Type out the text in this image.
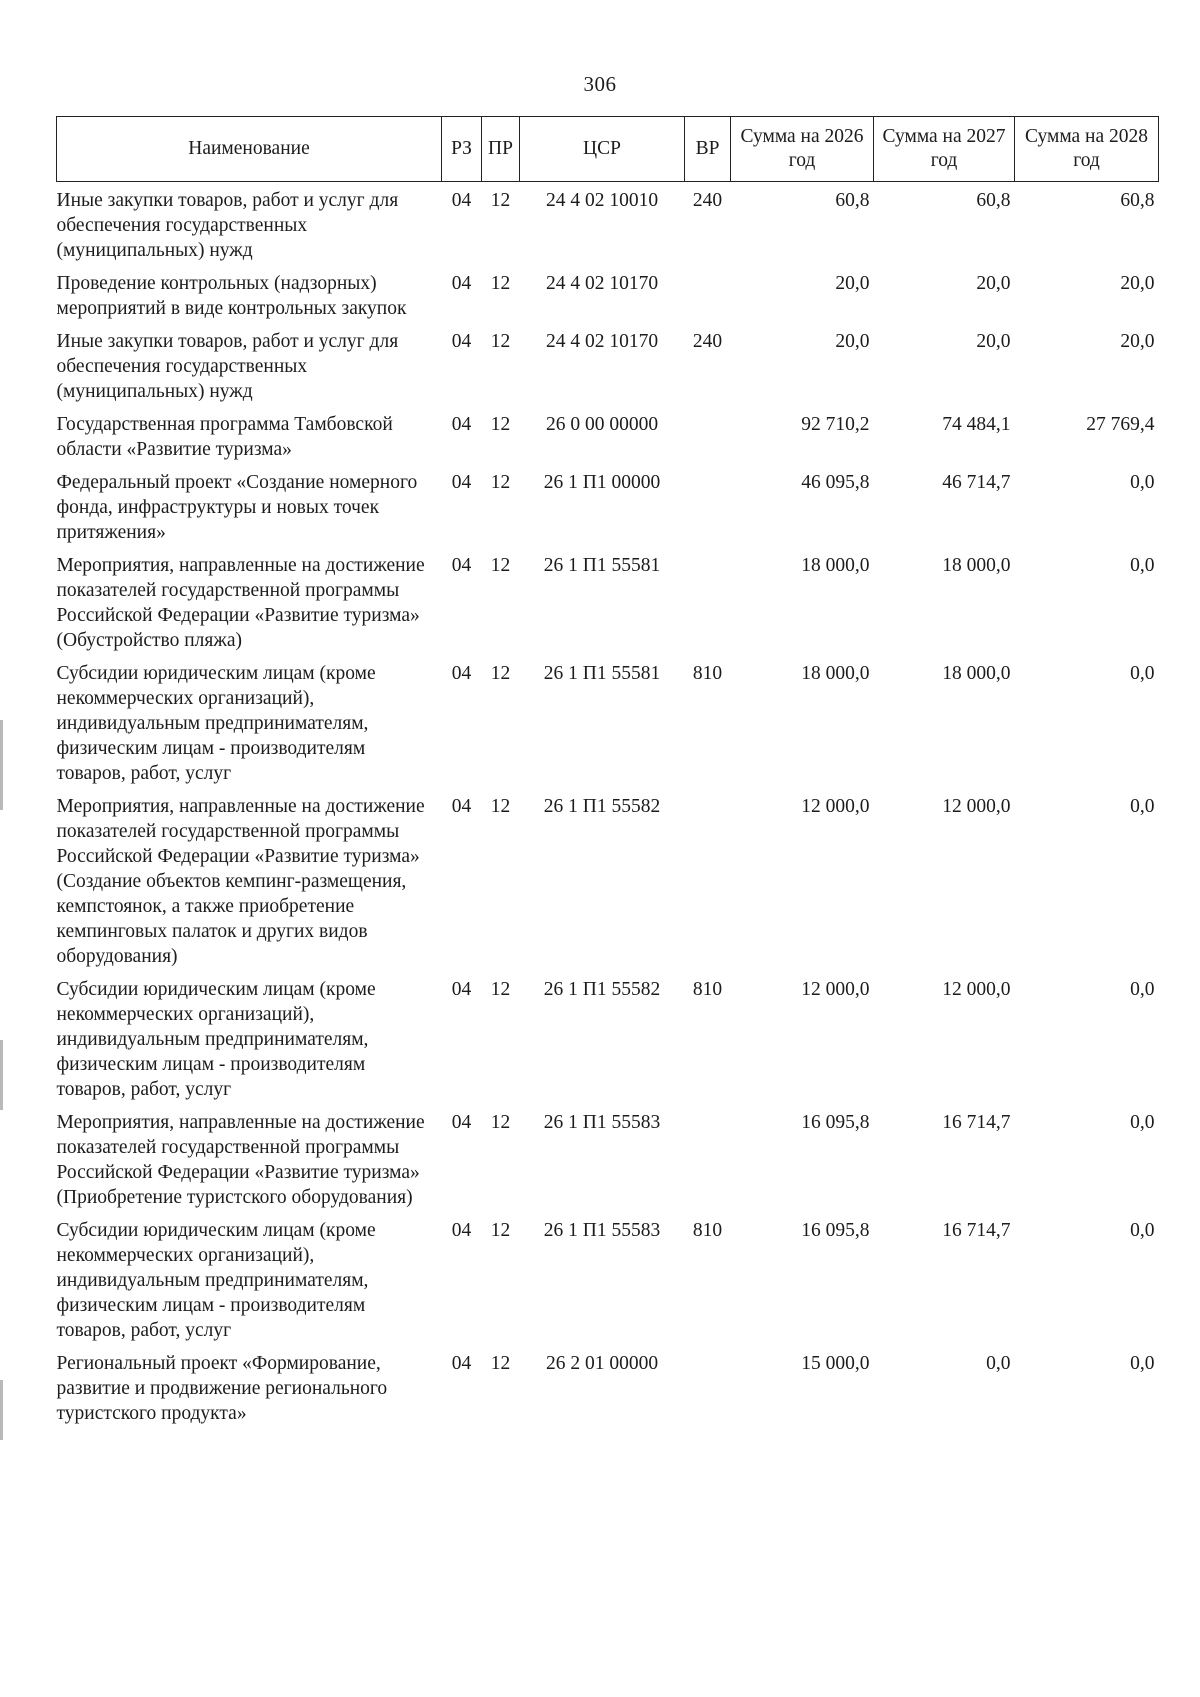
306
Наименование	РЗ	ПР	ЦСР	ВР	Сумма на 2026 год	Сумма на 2027 год	Сумма на 2028 год
Иные закупки товаров, работ и услуг для обеспечения государственных (муниципальных) нужд	04	12	24 4 02 10010	240	60,8	60,8	60,8
Проведение контрольных (надзорных) мероприятий в виде контрольных закупок	04	12	24 4 02 10170		20,0	20,0	20,0
Иные закупки товаров, работ и услуг для обеспечения государственных (муниципальных) нужд	04	12	24 4 02 10170	240	20,0	20,0	20,0
Государственная программа Тамбовской области «Развитие туризма»	04	12	26 0 00 00000		92 710,2	74 484,1	27 769,4
Федеральный проект «Создание номерного фонда, инфраструктуры и новых точек притяжения»	04	12	26 1 П1 00000		46 095,8	46 714,7	0,0
Мероприятия, направленные на достижение показателей государственной программы Российской Федерации «Развитие туризма» (Обустройство пляжа)	04	12	26 1 П1 55581		18 000,0	18 000,0	0,0
Субсидии юридическим лицам (кроме некоммерческих организаций), индивидуальным предпринимателям, физическим лицам - производителям товаров, работ, услуг	04	12	26 1 П1 55581	810	18 000,0	18 000,0	0,0
Мероприятия, направленные на достижение показателей государственной программы Российской Федерации «Развитие туризма» (Создание объектов кемпинг-размещения, кемпстоянок, а также приобретение кемпинговых палаток и других видов оборудования)	04	12	26 1 П1 55582		12 000,0	12 000,0	0,0
Субсидии юридическим лицам (кроме некоммерческих организаций), индивидуальным предпринимателям, физическим лицам - производителям товаров, работ, услуг	04	12	26 1 П1 55582	810	12 000,0	12 000,0	0,0
Мероприятия, направленные на достижение показателей государственной программы Российской Федерации «Развитие туризма» (Приобретение туристского оборудования)	04	12	26 1 П1 55583		16 095,8	16 714,7	0,0
Субсидии юридическим лицам (кроме некоммерческих организаций), индивидуальным предпринимателям, физическим лицам - производителям товаров, работ, услуг	04	12	26 1 П1 55583	810	16 095,8	16 714,7	0,0
Региональный проект «Формирование, развитие и продвижение регионального туристского продукта»	04	12	26 2 01 00000		15 000,0	0,0	0,0
